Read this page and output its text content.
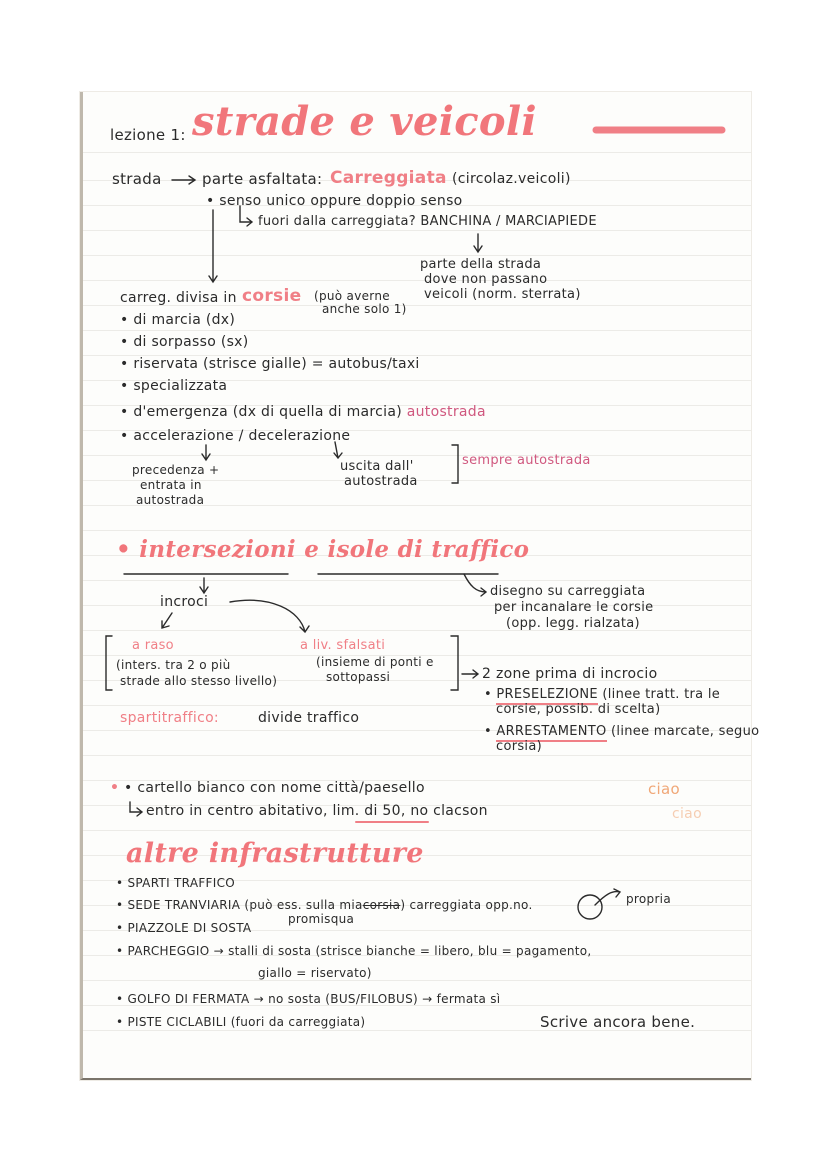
lezione 1: strade e veicoli
strada	parte asfaltata: Carreggiata (circolaz.veicoli)
• senso unico oppure doppio senso
fuori dalla carreggiata? BANCHINA / MARCIAPIEDE
parte della strada
dove non passano
veicoli (norm. sterrata)
carreg. divisa in corsie (può averne
anche solo 1)
• di marcia (dx)
• di sorpasso (sx)
• riservata (strisce gialle) = autobus/taxi
• specializzata
• d'emergenza (dx di quella di marcia) autostrada
• accelerazione / decelerazione
precedenza +
entrata in
autostrada
uscita dall'
autostrada
sempre autostrada
• intersezioni e isole di traffico
disegno su carreggiata
per incanalare le corsie
(opp. legg. rialzata)
incroci
a raso
(inters. tra 2 o più
strade allo stesso livello)
a liv. sfalsati
(insieme di ponti e
sottopassi	2 zone prima di incrocio
• PRESELEZIONE (linee tratt. tra le
corsie, possib. di scelta)
• ARRESTAMENTO (linee marcate, seguo
corsia)
spartitraffico:	divide traffico
• • cartello bianco con nome città/paesello
entro in centro abitativo, lim. di 50, no clacson
ciao
ciao
altre infrastrutture
• SPARTI TRAFFICO
• SEDE TRANVIARIA (può ess. sulla miacorsia) carreggiata opp.no.	propria
promisqua
• PIAZZOLE DI SOSTA
• PARCHEGGIO → stalli di sosta (strisce bianche = libero, blu = pagamento,
giallo = riservato)
• GOLFO DI FERMATA → no sosta (BUS/FILOBUS) → fermata sì
• PISTE CICLABILI (fuori da carreggiata)	Scrive ancora bene.
